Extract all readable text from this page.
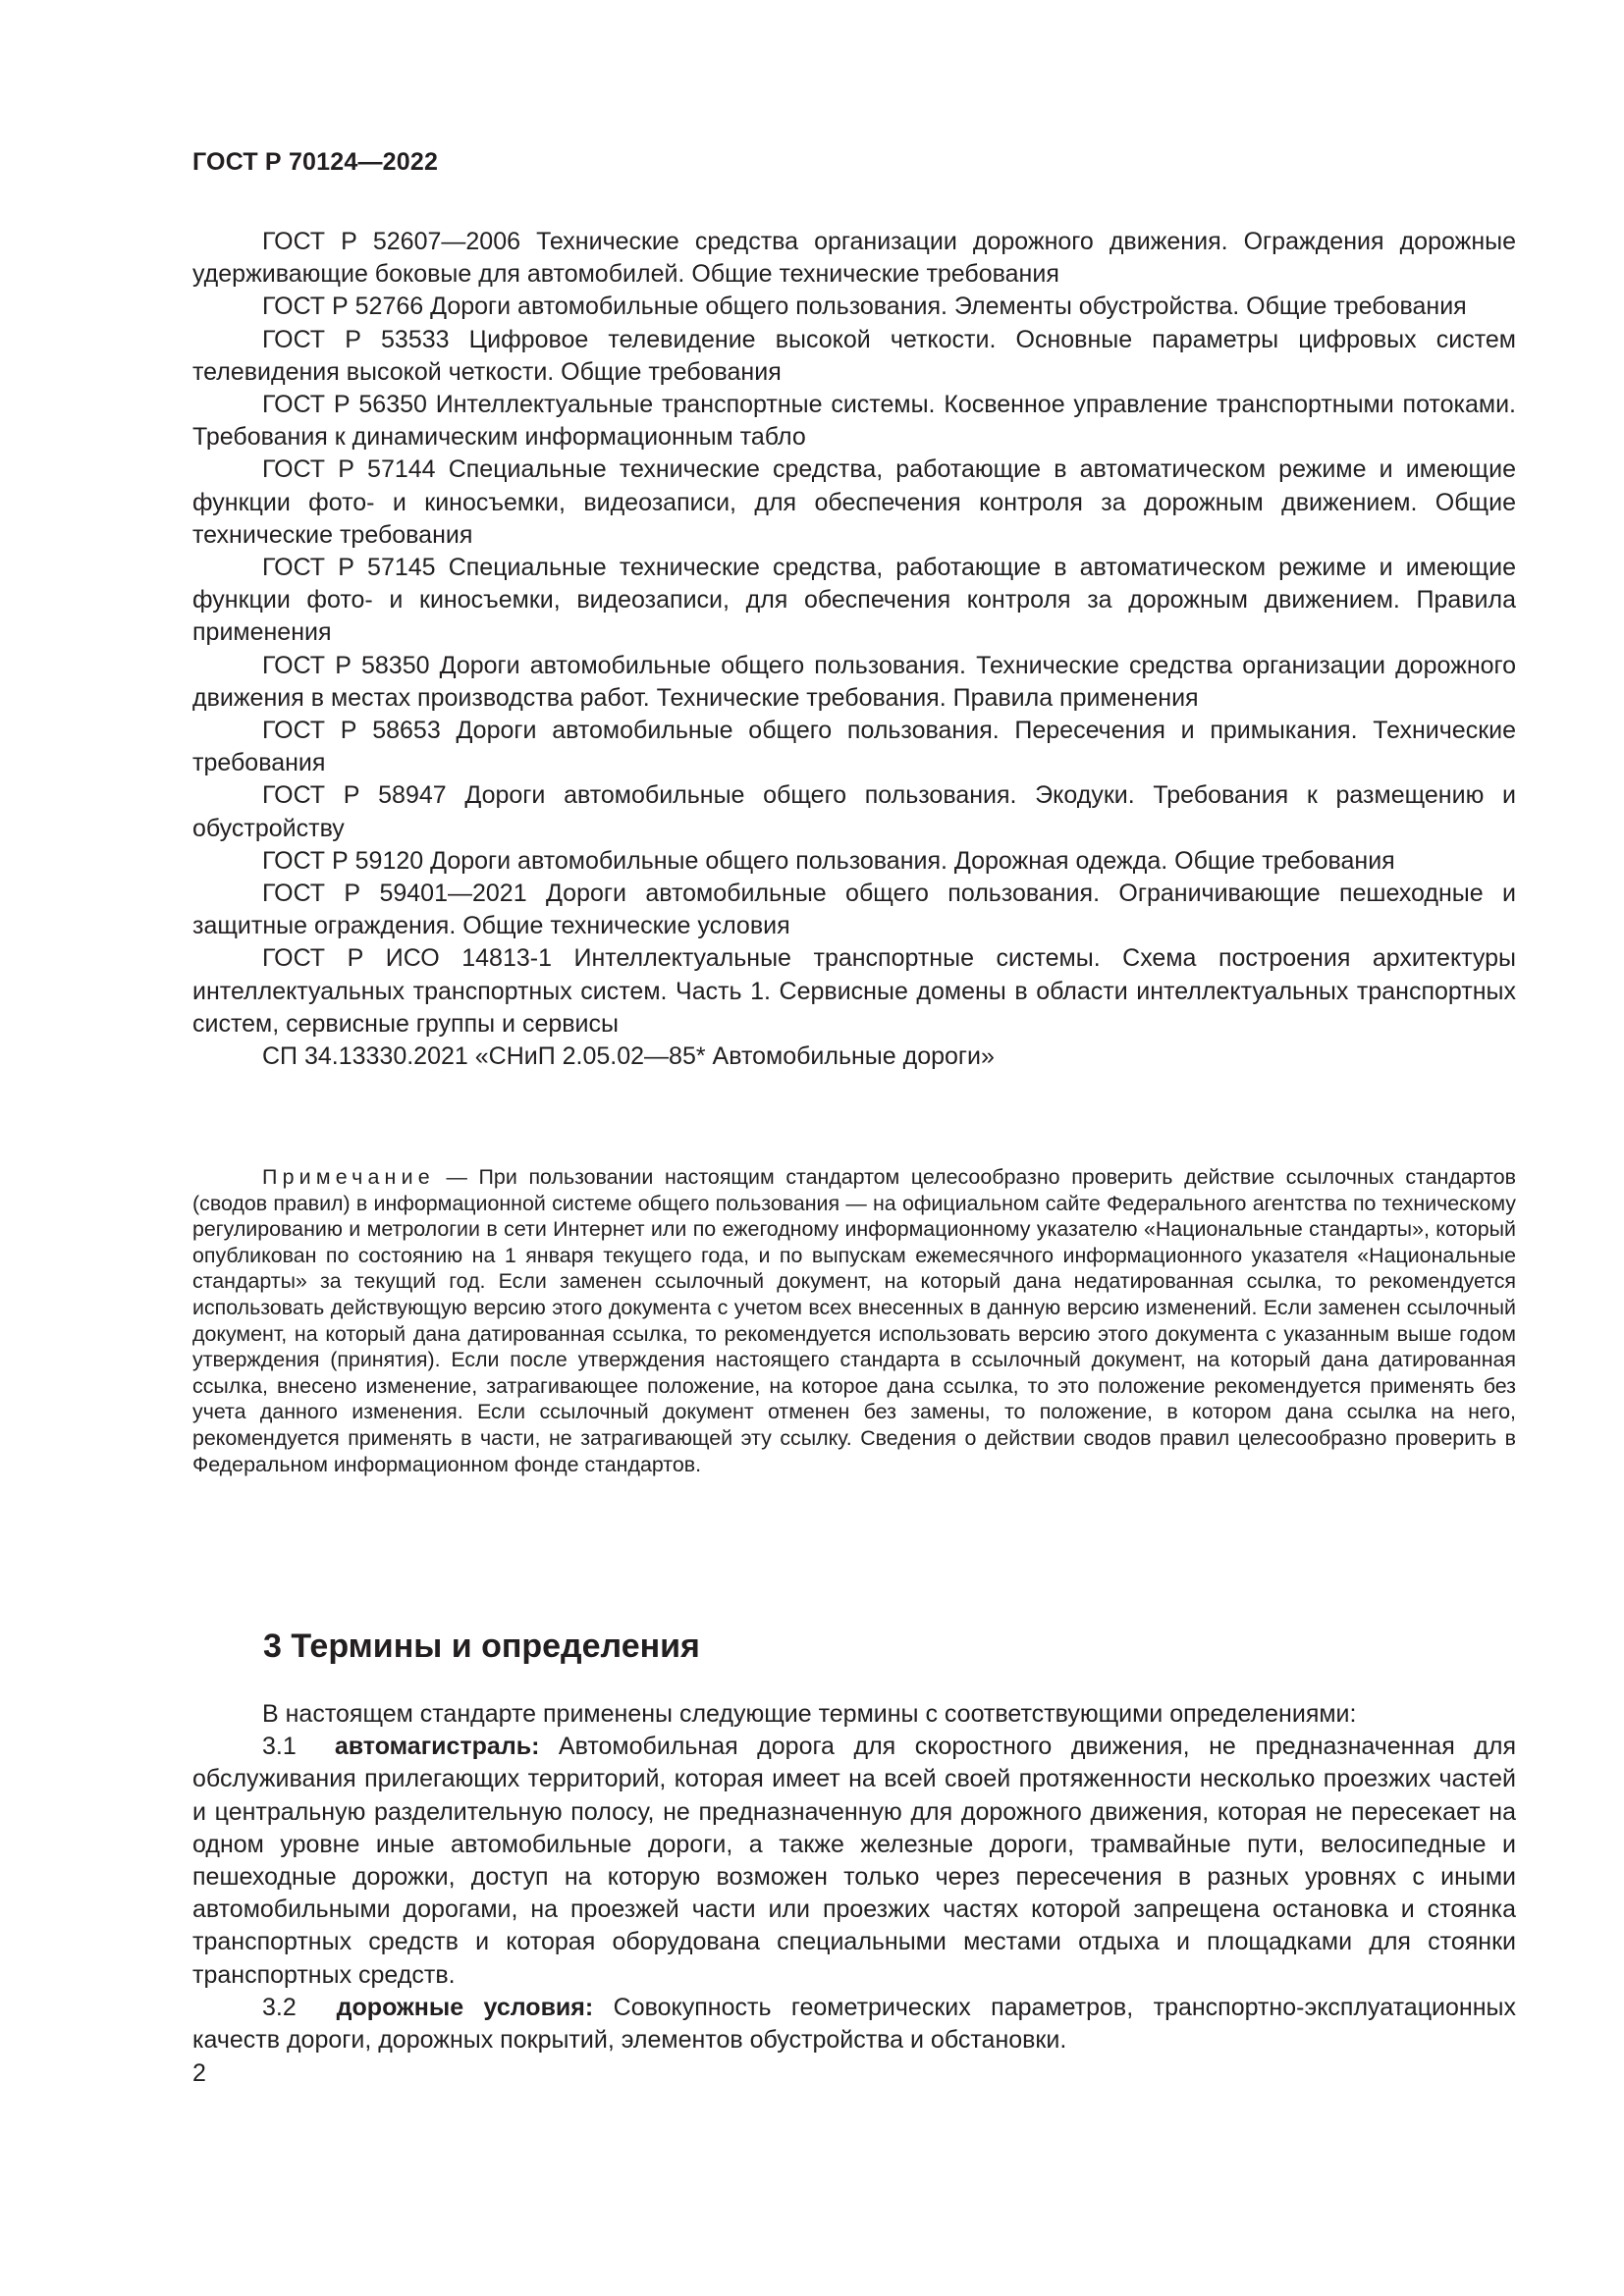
ГОСТ Р 70124—2022

ГОСТ Р 52607—2006 Технические средства организации дорожного движения. Ограждения дорожные удерживающие боковые для автомобилей. Общие технические требования

ГОСТ Р 52766 Дороги автомобильные общего пользования. Элементы обустройства. Общие требования

ГОСТ Р 53533 Цифровое телевидение высокой четкости. Основные параметры цифровых систем телевидения высокой четкости. Общие требования

ГОСТ Р 56350 Интеллектуальные транспортные системы. Косвенное управление транспортными потоками. Требования к динамическим информационным табло

ГОСТ Р 57144 Специальные технические средства, работающие в автоматическом режиме и имеющие функции фото- и киносъемки, видеозаписи, для обеспечения контроля за дорожным движением. Общие технические требования

ГОСТ Р 57145 Специальные технические средства, работающие в автоматическом режиме и имеющие функции фото- и киносъемки, видеозаписи, для обеспечения контроля за дорожным движением. Правила применения

ГОСТ Р 58350 Дороги автомобильные общего пользования. Технические средства организации дорожного движения в местах производства работ. Технические требования. Правила применения

ГОСТ Р 58653 Дороги автомобильные общего пользования. Пересечения и примыкания. Технические требования

ГОСТ Р 58947 Дороги автомобильные общего пользования. Экодуки. Требования к размещению и обустройству

ГОСТ Р 59120 Дороги автомобильные общего пользования. Дорожная одежда. Общие требования

ГОСТ Р 59401—2021 Дороги автомобильные общего пользования. Ограничивающие пешеходные и защитные ограждения. Общие технические условия

ГОСТ Р ИСО 14813-1 Интеллектуальные транспортные системы. Схема построения архитектуры интеллектуальных транспортных систем. Часть 1. Сервисные домены в области интеллектуальных транспортных систем, сервисные группы и сервисы

СП 34.13330.2021 «СНиП 2.05.02—85* Автомобильные дороги»

Примечание — При пользовании настоящим стандартом целесообразно проверить действие ссылочных стандартов (сводов правил) в информационной системе общего пользования — на официальном сайте Федерального агентства по техническому регулированию и метрологии в сети Интернет или по ежегодному информационному указателю «Национальные стандарты», который опубликован по состоянию на 1 января текущего года, и по выпускам ежемесячного информационного указателя «Национальные стандарты» за текущий год. Если заменен ссылочный документ, на который дана недатированная ссылка, то рекомендуется использовать действующую версию этого документа с учетом всех внесенных в данную версию изменений. Если заменен ссылочный документ, на который дана датированная ссылка, то рекомендуется использовать версию этого документа с указанным выше годом утверждения (принятия). Если после утверждения настоящего стандарта в ссылочный документ, на который дана датированная ссылка, внесено изменение, затрагивающее положение, на которое дана ссылка, то это положение рекомендуется применять без учета данного изменения. Если ссылочный документ отменен без замены, то положение, в котором дана ссылка на него, рекомендуется применять в части, не затрагивающей эту ссылку. Сведения о действии сводов правил целесообразно проверить в Федеральном информационном фонде стандартов.

3 Термины и определения

В настоящем стандарте применены следующие термины с соответствующими определениями:

3.1 автомагистраль: Автомобильная дорога для скоростного движения, не предназначенная для обслуживания прилегающих территорий, которая имеет на всей своей протяженности несколько проезжих частей и центральную разделительную полосу, не предназначенную для дорожного движения, которая не пересекает на одном уровне иные автомобильные дороги, а также железные дороги, трамвайные пути, велосипедные и пешеходные дорожки, доступ на которую возможен только через пересечения в разных уровнях с иными автомобильными дорогами, на проезжей части или проезжих частях которой запрещена остановка и стоянка транспортных средств и которая оборудована специальными местами отдыха и площадками для стоянки транспортных средств.

3.2 дорожные условия: Совокупность геометрических параметров, транспортно-эксплуатационных качеств дороги, дорожных покрытий, элементов обустройства и обстановки.

2
